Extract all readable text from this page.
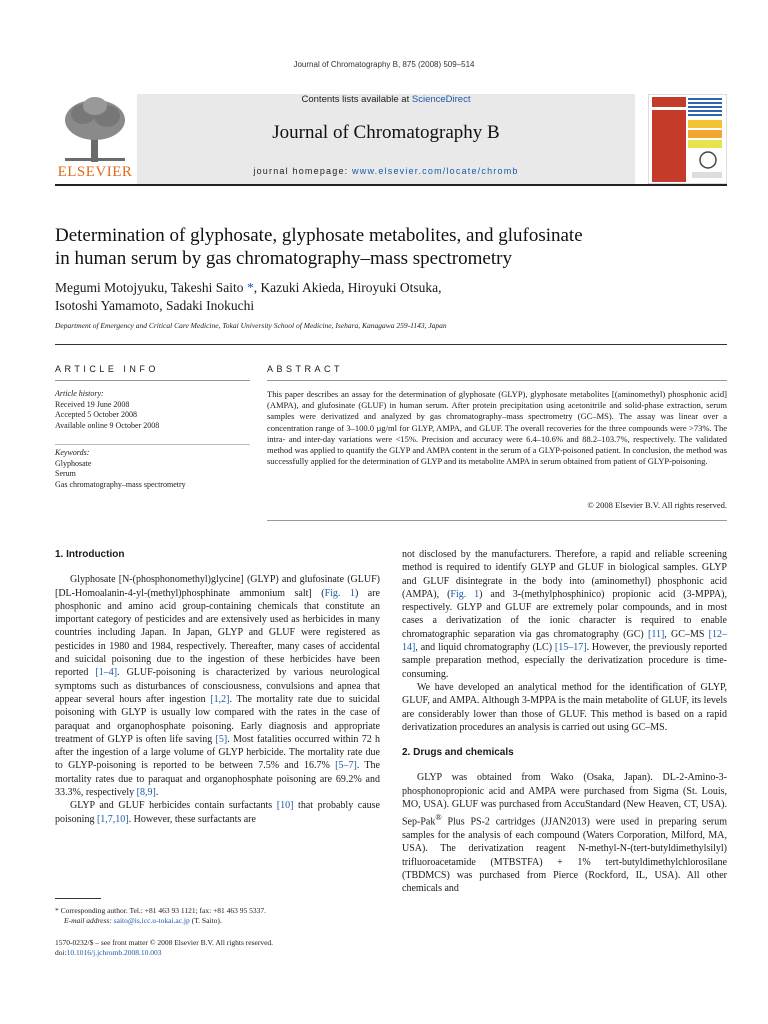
Journal of Chromatography B, 875 (2008) 509–514
ELSEVIER
Contents lists available at ScienceDirect
Journal of Chromatography B
journal homepage: www.elsevier.com/locate/chromb
Determination of glyphosate, glyphosate metabolites, and glufosinate
in human serum by gas chromatography–mass spectrometry
Megumi Motojyuku, Takeshi Saito *, Kazuki Akieda, Hiroyuki Otsuka,
Isotoshi Yamamoto, Sadaki Inokuchi
Department of Emergency and Critical Care Medicine, Tokai University School of Medicine, Isehara, Kanagawa 259-1143, Japan
ARTICLE INFO	ABSTRACT
Article history:
Received 19 June 2008
Accepted 5 October 2008
Available online 9 October 2008
Keywords:
Glyphosate
Serum
Gas chromatography–mass spectrometry
This paper describes an assay for the determination of glyphosate (GLYP), glyphosate metabolites [(aminomethyl) phosphonic acid] (AMPA), and glufosinate (GLUF) in human serum. After protein precipitation using acetonitrile and solid-phase extraction, serum samples were derivatized and analyzed by gas chromatography–mass spectrometry (GC–MS). The assay was linear over a concentration range of 3–100.0 µg/ml for GLYP, AMPA, and GLUF. The overall recoveries for the three compounds were >73%. The intra- and inter-day variations were <15%. Precision and accuracy were 6.4–10.6% and 88.2–103.7%, respectively. The validated method was applied to quantify the GLYP and AMPA content in the serum of a GLYP-poisoned patient. In conclusion, the method was successfully applied for the determination of GLYP and its metabolite AMPA in serum obtained from patient of GLYP-poisoning.
© 2008 Elsevier B.V. All rights reserved.
1. Introduction

Glyphosate [N-(phosphonomethyl)glycine] (GLYP) and glufosinate (GLUF) [DL-Homoalanin-4-yl-(methyl)phosphinate ammonium salt] (Fig. 1) are phosphonic and amino acid group-containing chemicals that constitute an important category of pesticides and are extensively used as herbicides in many countries including Japan. In Japan, GLYP and GLUF were registered as pesticides in 1980 and 1984, respectively. Thereafter, many cases of accidental and suicidal poisoning due to the ingestion of these herbicides have been reported [1–4]. GLUF-poisoning is characterized by various neurological symptoms such as disturbances of consciousness, convulsions and apnea that appear several hours after ingestion [1,2]. The mortality rate due to suicidal poisoning with GLYP is usually low compared with the rates in the case of paraquat and organophosphate poisoning. Early diagnosis and appropriate treatment of GLYP is often life saving [5]. Most fatalities occurred within 72 h after the ingestion of a large volume of GLYP herbicide. The mortality rate due to GLYP-poisoning is reported to be between 7.5% and 16.7% [5–7]. The mortality rates due to paraquat and organophosphate poisoning are 69.2% and 33.3%, respectively [8,9].

GLYP and GLUF herbicides contain surfactants [10] that probably cause poisoning [1,7,10]. However, these surfactants are

not disclosed by the manufacturers. Therefore, a rapid and reliable screening method is required to identify GLYP and GLUF in biological samples. GLYP and GLUF disintegrate in the body into (aminomethyl) phosphonic acid (AMPA), (Fig. 1) and 3-(methylphosphinico) propionic acid (3-MPPA), respectively. GLYP and GLUF are extremely polar compounds, and in most cases a derivatization of the ionic character is required to enable chromatographic separation via gas chromatography (GC) [11], GC–MS [12–14], and liquid chromatography (LC) [15–17]. However, the previously reported sample preparation method, especially the derivatization procedure is time-consuming.

We have developed an analytical method for the identification of GLYP, GLUF, and AMPA. Although 3-MPPA is the main metabolite of GLUF, its levels are considerably lower than those of GLUF. This method is based on a rapid derivatization procedures an analysis is carried out using GC–MS.

2. Drugs and chemicals

GLYP was obtained from Wako (Osaka, Japan). DL-2-Amino-3-phosphonopropionic acid and AMPA were purchased from Sigma (St. Louis, MO, USA). GLUF was purchased from AccuStandard (New Heaven, CT, USA). Sep-Pak® Plus PS-2 cartridges (JJAN2013) were used in preparing serum samples for the analysis of each compound (Waters Corporation, Milford, MA, USA). The derivatization reagent N-methyl-N-(tert-butyldimethylsilyl) trifluoroacetamide (MTBSTFA) + 1% tert-butyldimethylchlorosilane (TBDMCS) was purchased from Pierce (Rockford, IL, USA). All other chemicals and

* Corresponding author. Tel.: +81 463 93 1121; fax: +81 463 95 5337.
E-mail address: saito@is.icc.u-tokai.ac.jp (T. Saito).
1570-0232/$ – see front matter © 2008 Elsevier B.V. All rights reserved.
doi:10.1016/j.jchromb.2008.10.003
